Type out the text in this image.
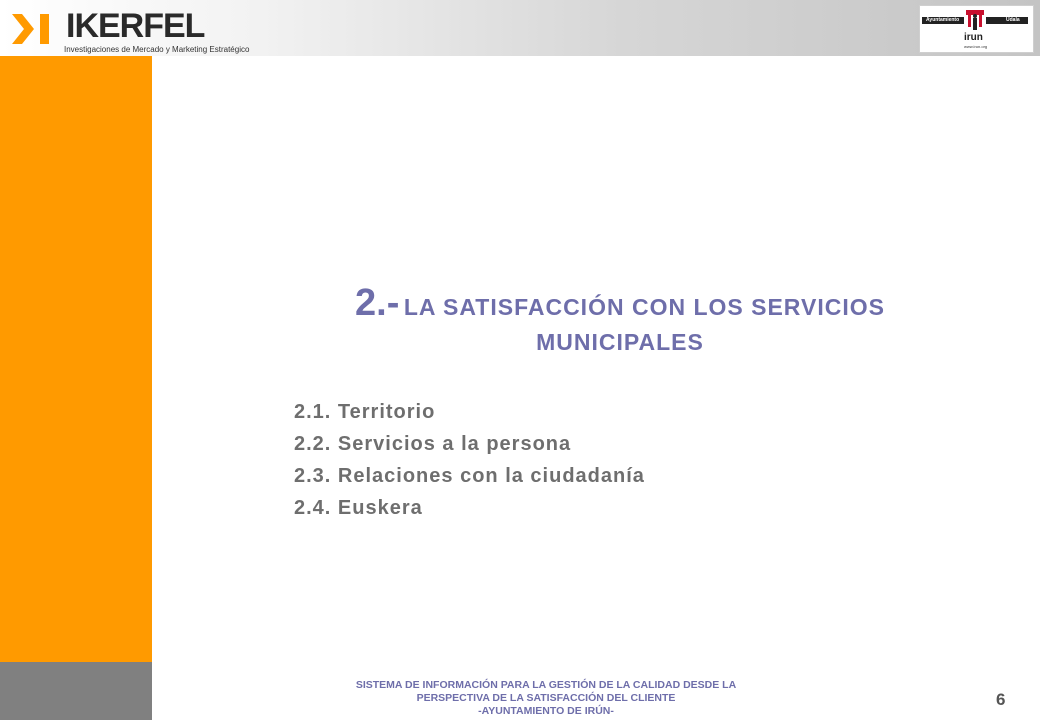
IKERFEL
Investigaciones de Mercado y Marketing Estratégico
Ayuntamiento	Udala
irun
www.irun.org
2.- LA SATISFACCIÓN CON LOS SERVICIOS
MUNICIPALES
2.1. Territorio
2.2. Servicios a la persona
2.3. Relaciones con la ciudadanía
2.4. Euskera
SISTEMA DE INFORMACIÓN PARA LA GESTIÓN DE LA CALIDAD DESDE LA
PERSPECTIVA DE LA SATISFACCIÓN DEL CLIENTE
-AYUNTAMIENTO DE IRÚN-
6
